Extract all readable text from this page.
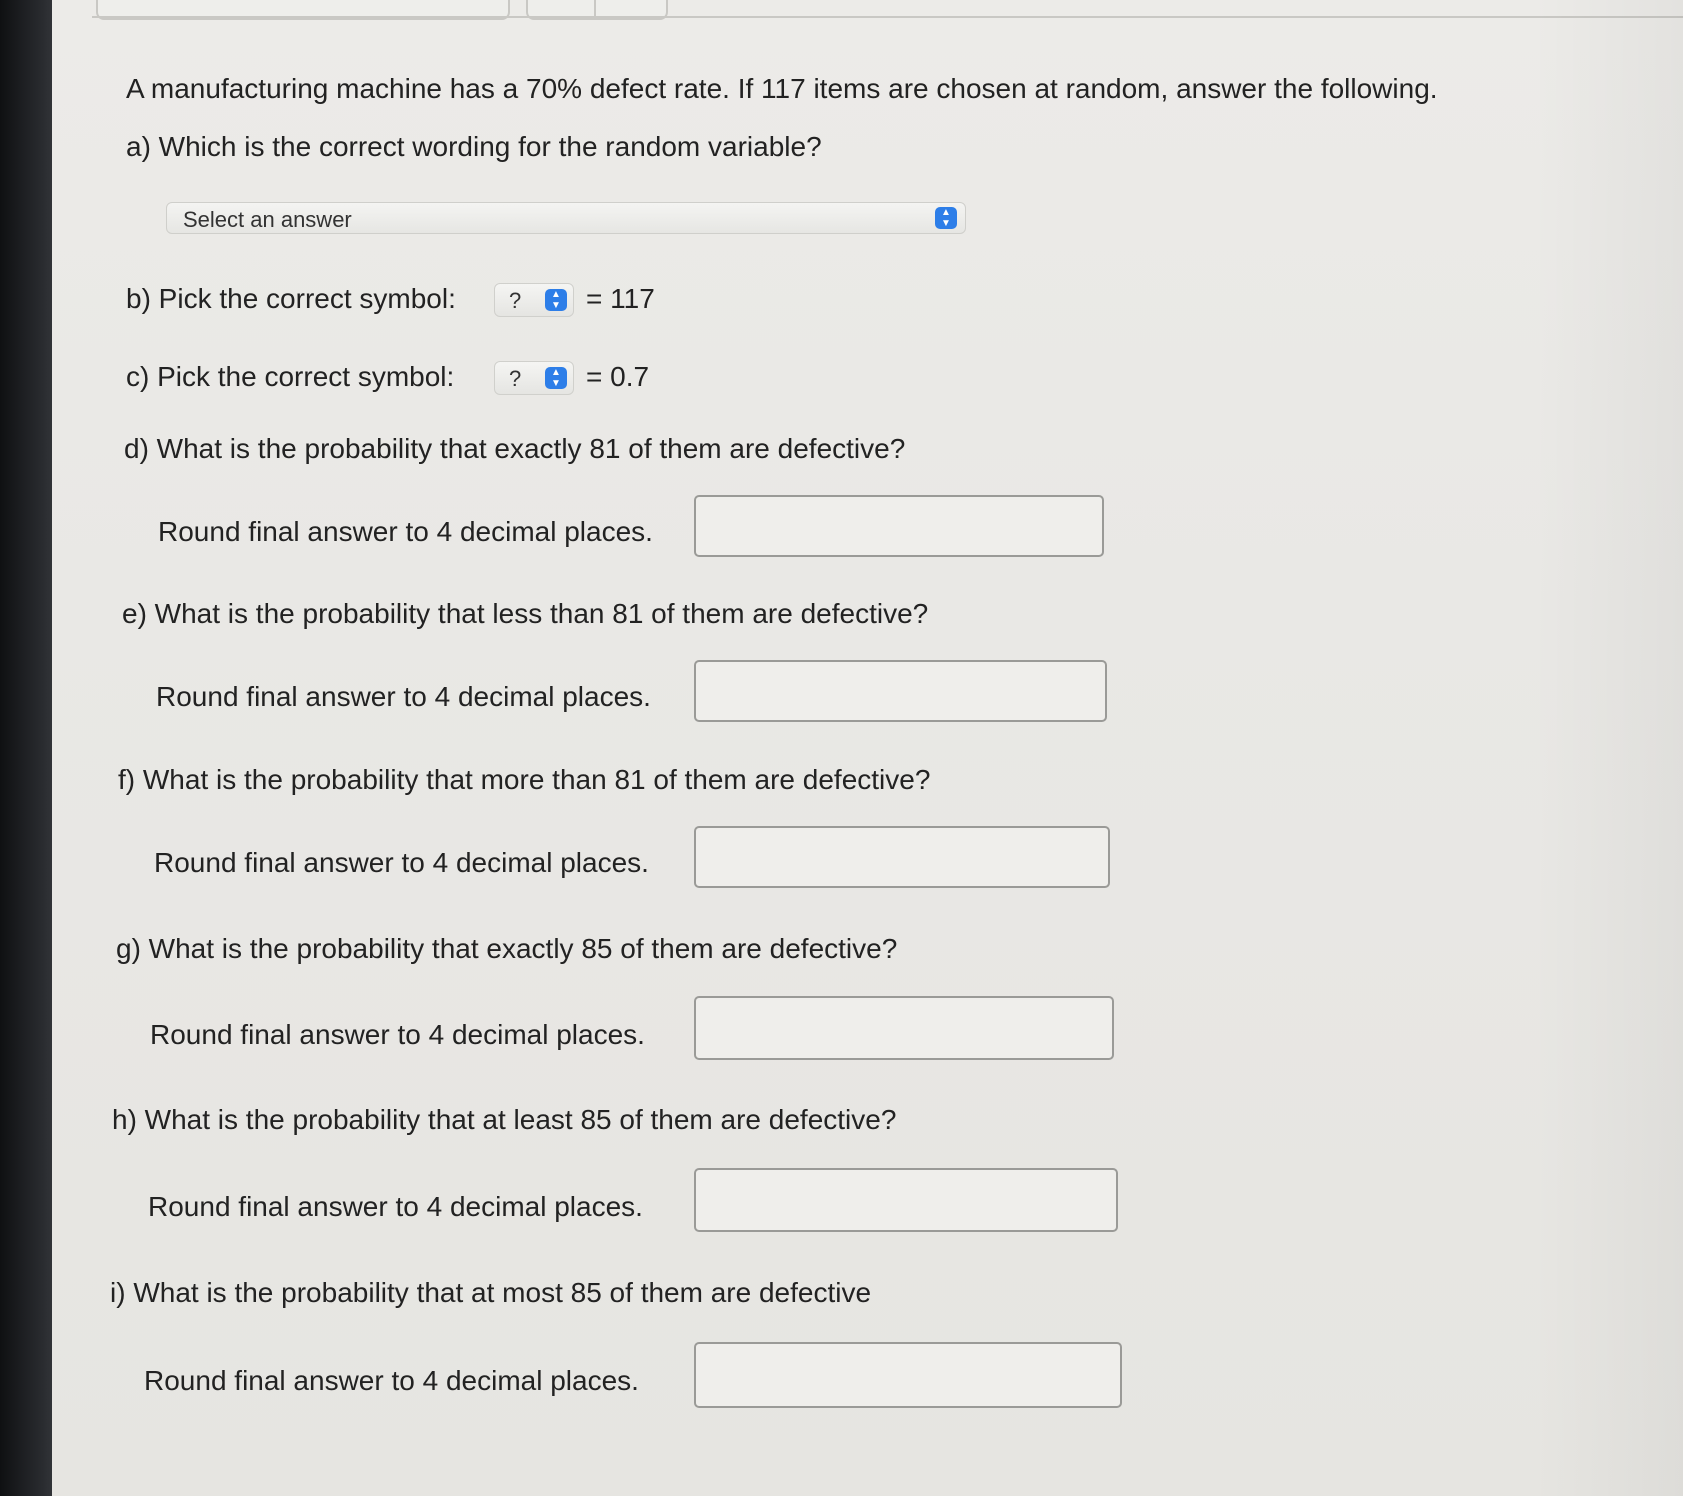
A manufacturing machine has a 70% defect rate. If 117 items are chosen at random, answer the following.
a) Which is the correct wording for the random variable?
Select an answer	▲
▼
b) Pick the correct symbol: ?	▲
▼ = 117
c) Pick the correct symbol: ?	▲
▼ = 0.7
d) What is the probability that exactly 81 of them are defective?
Round final answer to 4 decimal places.
e) What is the probability that less than 81 of them are defective?
Round final answer to 4 decimal places.
f) What is the probability that more than 81 of them are defective?
Round final answer to 4 decimal places.
g) What is the probability that exactly 85 of them are defective?
Round final answer to 4 decimal places.
h) What is the probability that at least 85 of them are defective?
Round final answer to 4 decimal places.
i) What is the probability that at most 85 of them are defective
Round final answer to 4 decimal places.
